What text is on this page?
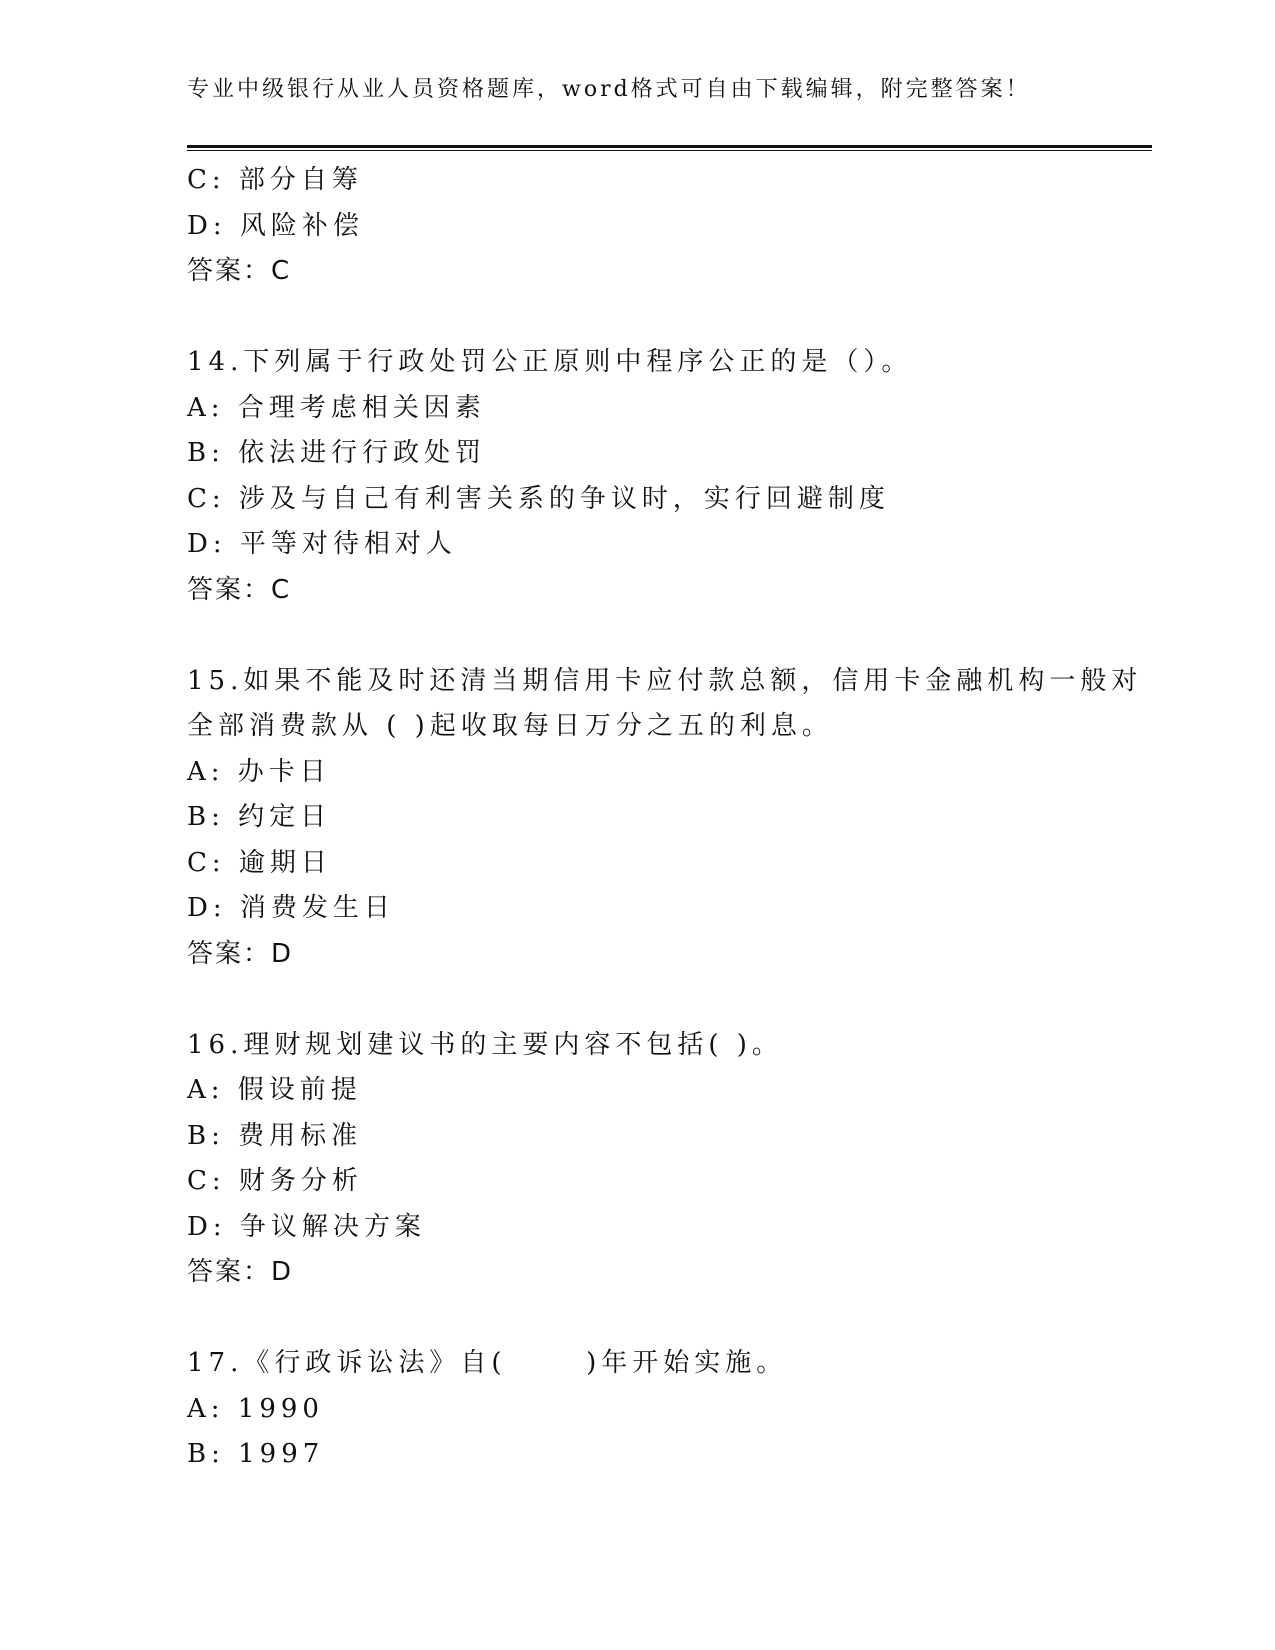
专业中级银行从业人员资格题库，word格式可自由下载编辑，附完整答案！
C: 部分自筹
D: 风险补偿
答案：C
14.下列属于行政处罚公正原则中程序公正的是（）。
A: 合理考虑相关因素
B: 依法进行行政处罚
C: 涉及与自己有利害关系的争议时，实行回避制度
D: 平等对待相对人
答案：C
15.如果不能及时还清当期信用卡应付款总额，信用卡金融机构一般对
全部消费款从 ( )起收取每日万分之五的利息。
A: 办卡日
B: 约定日
C: 逾期日
D: 消费发生日
答案：D
16.理财规划建议书的主要内容不包括( )。
A: 假设前提
B: 费用标准
C: 财务分析
D: 争议解决方案
答案：D
17.《行政诉讼法》自(      )年开始实施。
A: 1990
B: 1997
